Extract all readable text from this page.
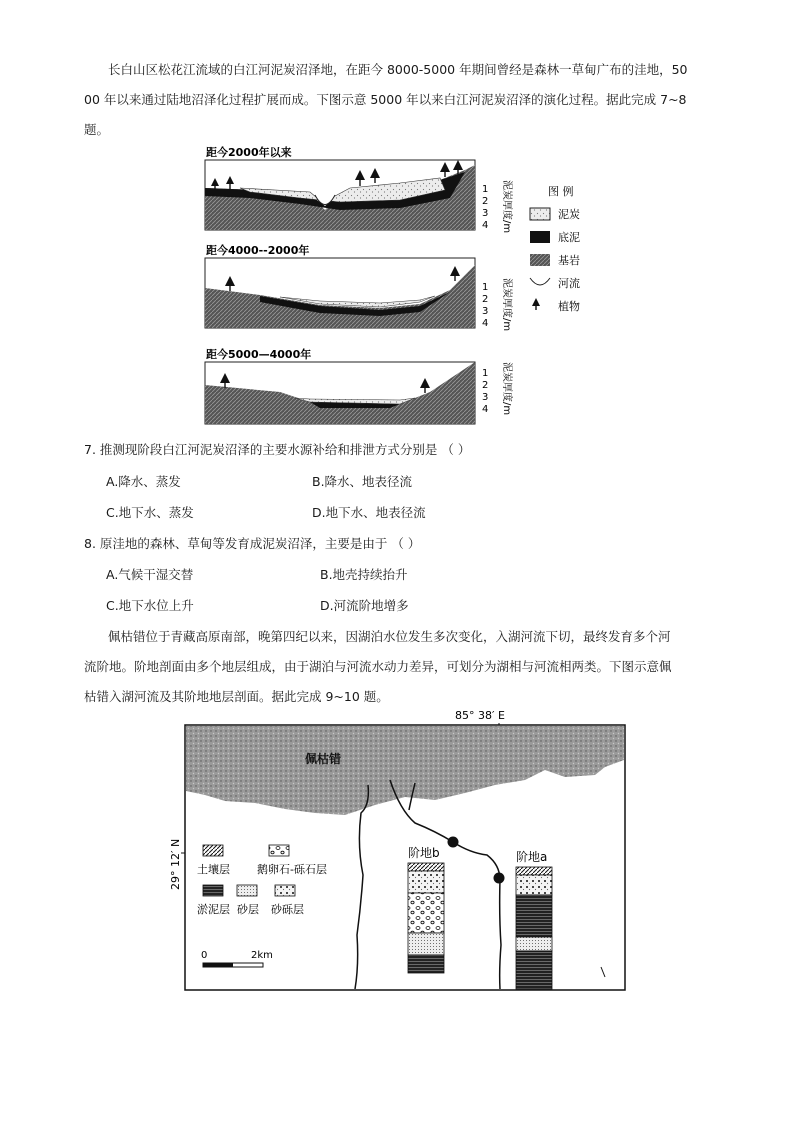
长白山区松花江流域的白江河泥炭沼泽地，在距今 8000-5000 年期间曾经是森林一草甸广布的洼地，50
00 年以来通过陆地沼泽化过程扩展而成。下图示意 5000 年以来白江河泥炭沼泽的演化过程。据此完成 7~8
题。
距今2000年以来
1
2
3
4 泥炭厚度/m
距今4000--2000年
1
2
3
4 泥炭厚度/m
距今5000—4000年
1
2
3
4 泥炭厚度/m
图 例
泥炭
底泥
基岩
河流
植物
7. 推测现阶段白江河泥炭沼泽的主要水源补给和排泄方式分别是 （ ）
A.降水、蒸发	B.降水、地表径流
C.地下水、蒸发	D.地下水、地表径流
8. 原洼地的森林、草甸等发育成泥炭沼泽，主要是由于 （ ）
A.气候干湿交替	B.地壳持续抬升
C.地下水位上升	D.河流阶地增多
佩枯错位于青藏高原南部，晚第四纪以来，因湖泊水位发生多次变化，入湖河流下切，最终发育多个河
流阶地。阶地剖面由多个地层组成，由于湖泊与河流水动力差异，可划分为湖相与河流相两类。下图示意佩
枯错入湖河流及其阶地地层剖面。据此完成 9~10 题。
85° 38′ E
佩枯错
29° 12′ N	阶地b	阶地a
土壤层 鹅卵石-砾石层
淤泥层 砂层 砂砾层
0	2km
